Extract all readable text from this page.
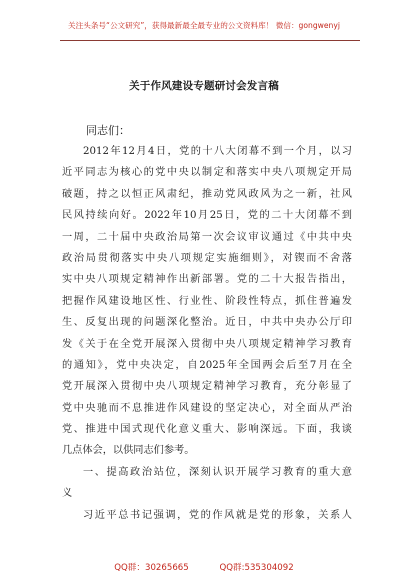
关注头条号“公文研究”，获得最新最全最专业的公文资料库！ 微信：gongwenyj
关于作风建设专题研讨会发言稿
同志们：
2012年12月4日，党的十八大闭幕不到一个月，以习
近平同志为核心的党中央以制定和落实中央八项规定开局
破题，持之以恒正风肃纪，推动党风政风为之一新，社风
民风持续向好。2022年10月25日，党的二十大闭幕不到
一周，二十届中央政治局第一次会议审议通过《中共中央
政治局贯彻落实中央八项规定实施细则》，对锲而不舍落
实中央八项规定精神作出新部署。党的二十大报告指出，
把握作风建设地区性、行业性、阶段性特点，抓住普遍发
生、反复出现的问题深化整治。近日，中共中央办公厅印
发《关于在全党开展深入贯彻中央八项规定精神学习教育
的通知》，党中央决定，自2025年全国两会后至7月在全
党开展深入贯彻中央八项规定精神学习教育，充分彰显了
党中央驰而不息推进作风建设的坚定决心，对全面从严治
党、推进中国式现代化意义重大、影响深远。下面，我谈
几点体会，以供同志们参考。
一、提高政治站位，深刻认识开展学习教育的重大意
义
习近平总书记强调，党的作风就是党的形象，关系人
QQ群：30265665	QQ群:535304092
